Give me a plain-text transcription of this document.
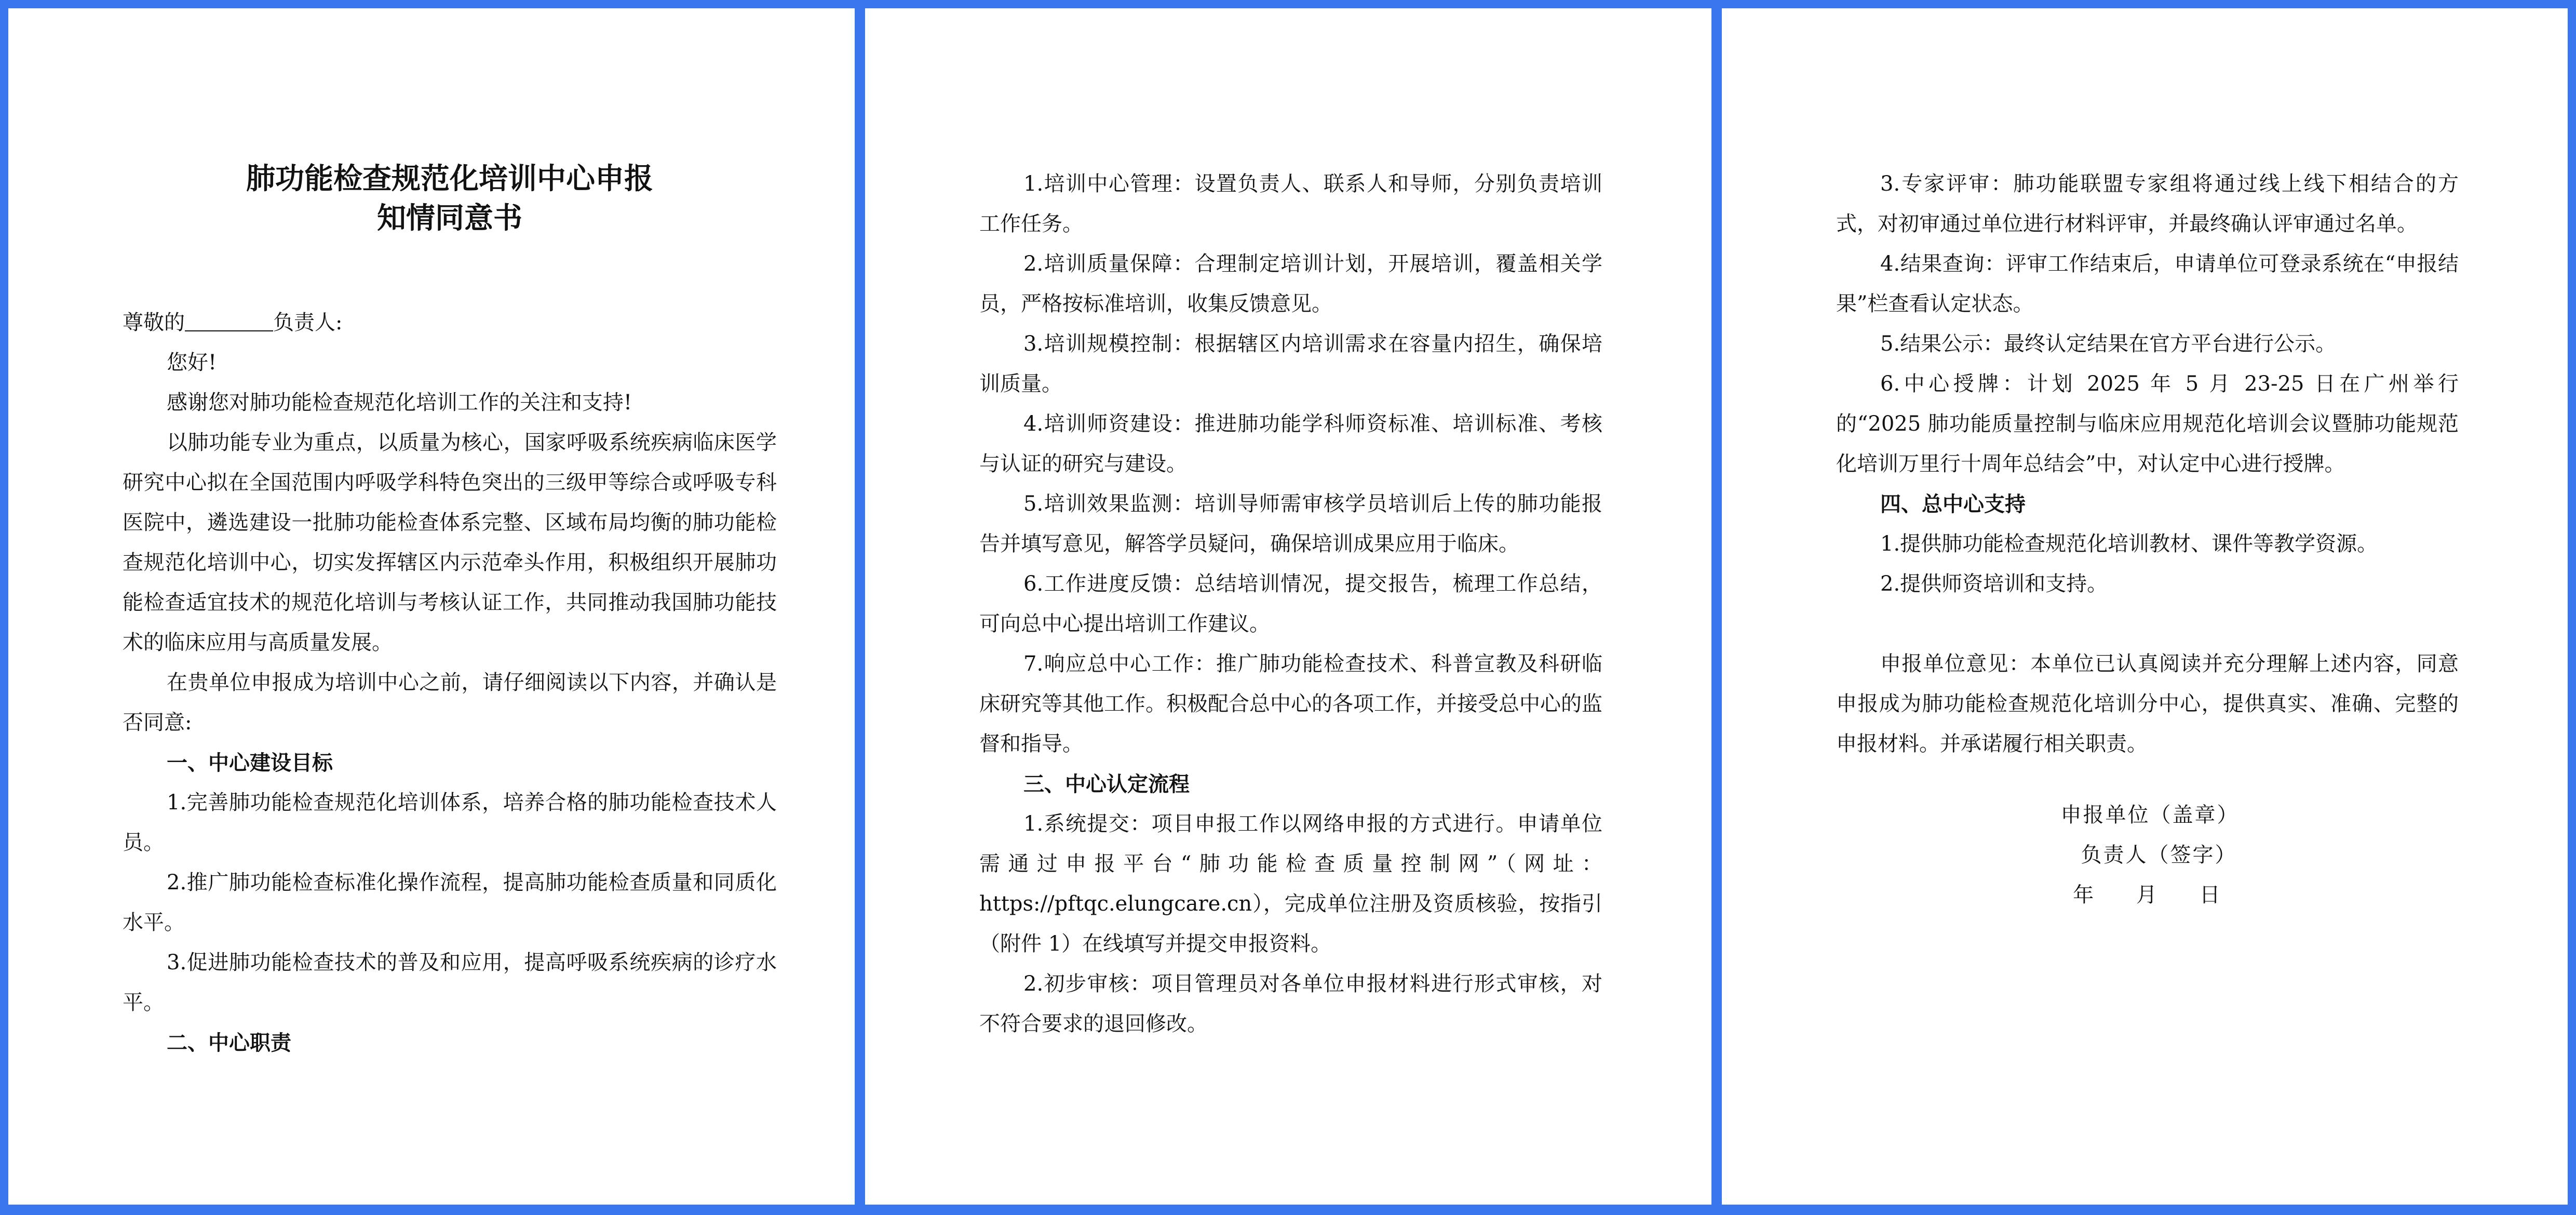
肺功能检查规范化培训中心申报
知情同意书

尊敬的	负责人:

您好!

感谢您对肺功能检查规范化培训工作的关注和支持!

以肺功能专业为重点，以质量为核心，国家呼吸系统疾病临床医学研究中心拟在全国范围内呼吸学科特色突出的三级甲等综合或呼吸专科医院中，遴选建设一批肺功能检查体系完整、区域布局均衡的肺功能检查规范化培训中心，切实发挥辖区内示范牵头作用，积极组织开展肺功能检查适宜技术的规范化培训与考核认证工作，共同推动我国肺功能技术的临床应用与高质量发展。

在贵单位申报成为培训中心之前，请仔细阅读以下内容，并确认是否同意:

一、中心建设目标

1.完善肺功能检查规范化培训体系，培养合格的肺功能检查技术人员。

2.推广肺功能检查标准化操作流程，提高肺功能检查质量和同质化水平。

3.促进肺功能检查技术的普及和应用，提高呼吸系统疾病的诊疗水平。

二、中心职责

1.培训中心管理：设置负责人、联系人和导师，分别负责培训工作任务。

2.培训质量保障：合理制定培训计划，开展培训，覆盖相关学员，严格按标准培训，收集反馈意见。

3.培训规模控制：根据辖区内培训需求在容量内招生，确保培训质量。

4.培训师资建设：推进肺功能学科师资标准、培训标准、考核与认证的研究与建设。

5.培训效果监测：培训导师需审核学员培训后上传的肺功能报告并填写意见，解答学员疑问，确保培训成果应用于临床。

6.工作进度反馈：总结培训情况，提交报告，梳理工作总结，可向总中心提出培训工作建议。

7.响应总中心工作：推广肺功能检查技术、科普宣教及科研临床研究等其他工作。积极配合总中心的各项工作，并接受总中心的监督和指导。

三、中心认定流程

1.系统提交：项目申报工作以网络申报的方式进行。申请单位需通过申报平台“肺功能检查质量控制网”（网址：https://pftqc.elungcare.cn），完成单位注册及资质核验，按指引（附件 1）在线填写并提交申报资料。

2.初步审核：项目管理员对各单位申报材料进行形式审核，对不符合要求的退回修改。

3.专家评审：肺功能联盟专家组将通过线上线下相结合的方式，对初审通过单位进行材料评审，并最终确认评审通过名单。

4.结果查询：评审工作结束后，申请单位可登录系统在“申报结果”栏查看认定状态。

5.结果公示：最终认定结果在官方平台进行公示。

6.中心授牌：计划 2025 年 5 月 23-25 日在广州举行的“2025 肺功能质量控制与临床应用规范化培训会议暨肺功能规范化培训万里行十周年总结会”中，对认定中心进行授牌。

四、总中心支持

1.提供肺功能检查规范化培训教材、课件等教学资源。

2.提供师资培训和支持。

申报单位意见：本单位已认真阅读并充分理解上述内容，同意申报成为肺功能检查规范化培训分中心，提供真实、准确、完整的申报材料。并承诺履行相关职责。

申报单位（盖章）
负责人（签字）
年　 月　 日
